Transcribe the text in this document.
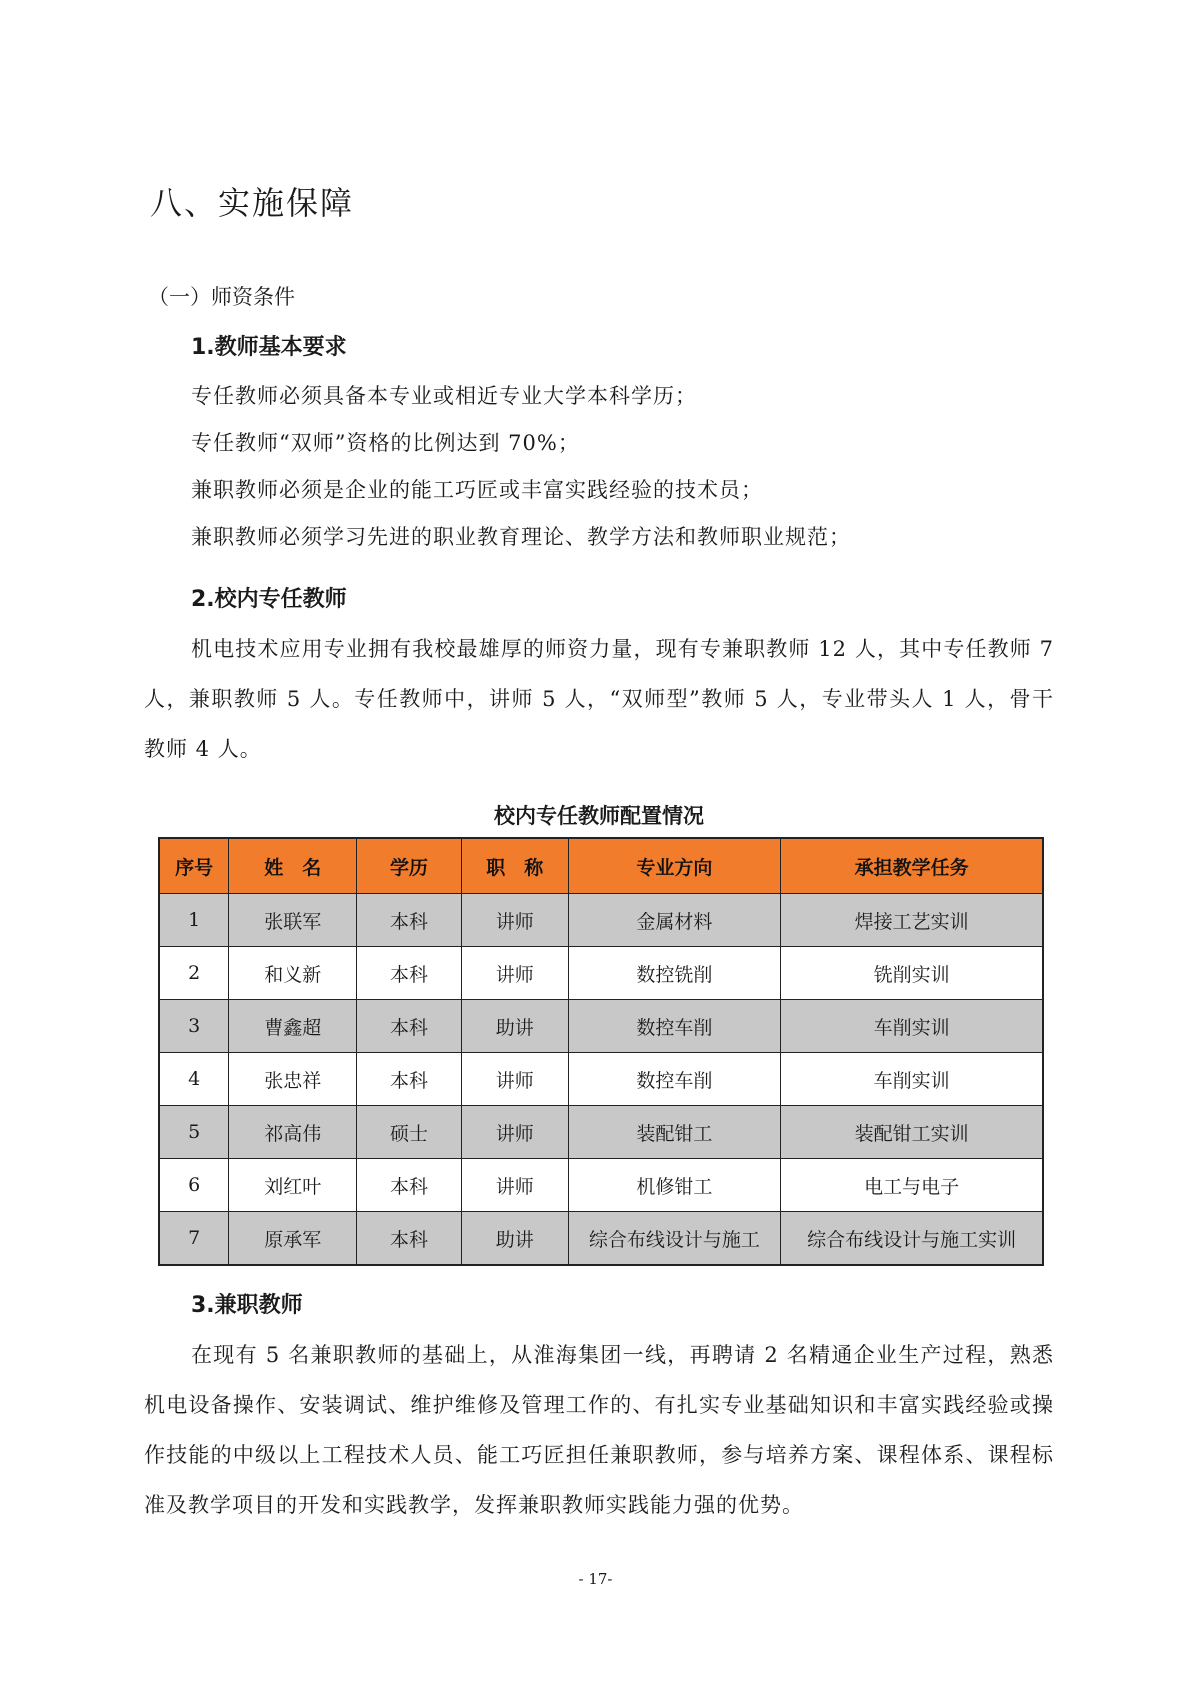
八、实施保障
（一）师资条件
1.教师基本要求
专任教师必须具备本专业或相近专业大学本科学历；
专任教师“双师”资格的比例达到 70%；
兼职教师必须是企业的能工巧匠或丰富实践经验的技术员；
兼职教师必须学习先进的职业教育理论、教学方法和教师职业规范；
2.校内专任教师
机电技术应用专业拥有我校最雄厚的师资力量，现有专兼职教师 12 人，其中专任教师 7 人，兼职教师 5 人。专任教师中，讲师 5 人，“双师型”教师 5 人，专业带头人 1 人，骨干教师 4 人。
校内专任教师配置情况
序号	姓　名	学历	职　称	专业方向	承担教学任务
1	张联军	本科	讲师	金属材料	焊接工艺实训
2	和义新	本科	讲师	数控铣削	铣削实训
3	曹鑫超	本科	助讲	数控车削	车削实训
4	张忠祥	本科	讲师	数控车削	车削实训
5	祁高伟	硕士	讲师	装配钳工	装配钳工实训
6	刘红叶	本科	讲师	机修钳工	电工与电子
7	原承军	本科	助讲	综合布线设计与施工	综合布线设计与施工实训
3.兼职教师
在现有 5 名兼职教师的基础上，从淮海集团一线，再聘请 2 名精通企业生产过程，熟悉机电设备操作、安装调试、维护维修及管理工作的、有扎实专业基础知识和丰富实践经验或操作技能的中级以上工程技术人员、能工巧匠担任兼职教师，参与培养方案、课程体系、课程标准及教学项目的开发和实践教学，发挥兼职教师实践能力强的优势。
- 17-
